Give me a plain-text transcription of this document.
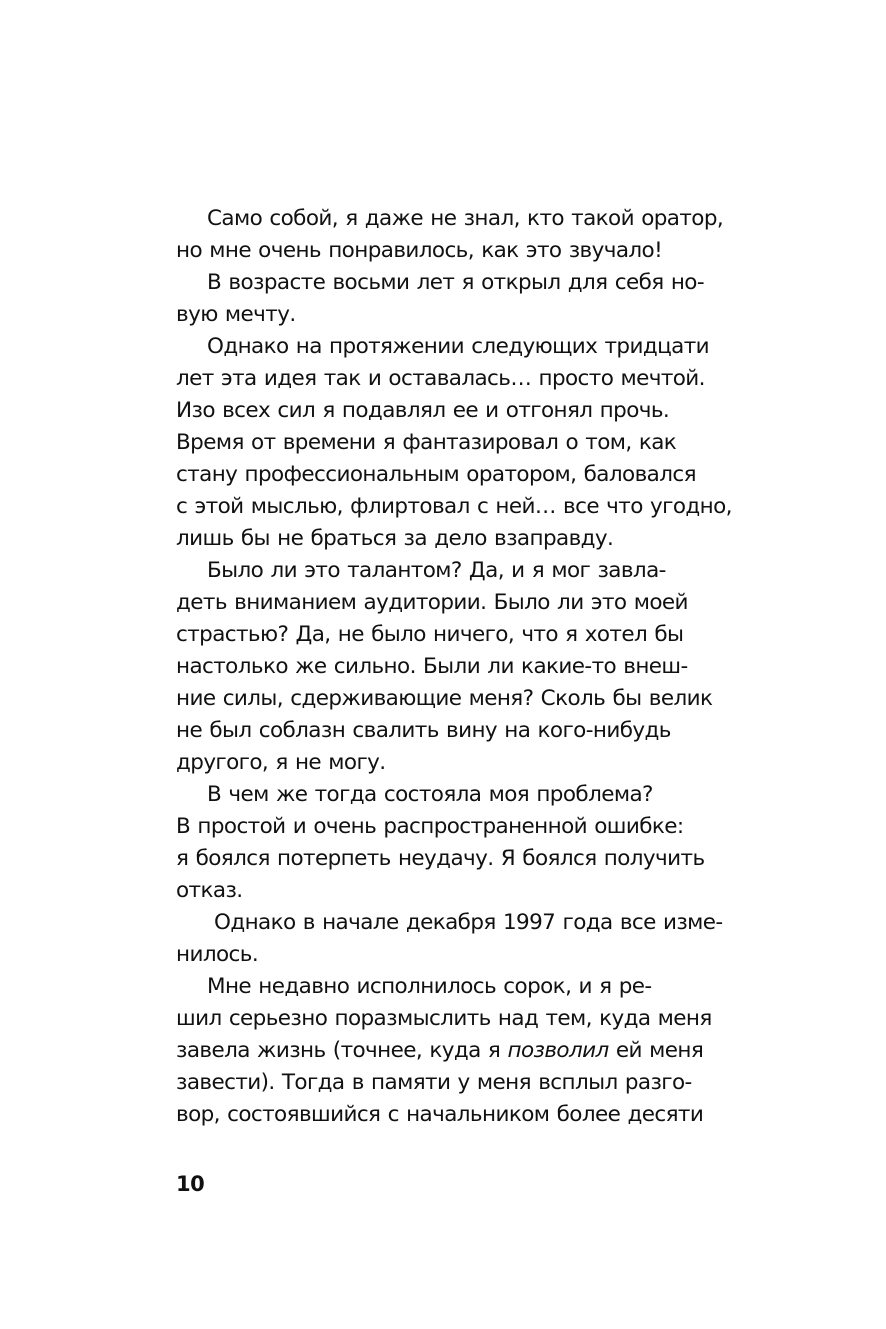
Само собой, я даже не знал, кто такой оратор,
но мне очень понравилось, как это звучало!
В возрасте восьми лет я открыл для себя но-
вую мечту.
Однако на протяжении следующих тридцати
лет эта идея так и оставалась… просто мечтой.
Изо всех сил я подавлял ее и отгонял прочь.
Время от времени я фантазировал о том, как
стану профессиональным оратором, баловался
с этой мыслью, флиртовал с ней… все что угодно,
лишь бы не браться за дело взаправду.
Было ли это талантом? Да, и я мог завла-
деть вниманием аудитории. Было ли это моей
страстью? Да, не было ничего, что я хотел бы
настолько же сильно. Были ли какие-то внеш-
ние силы, сдерживающие меня? Сколь бы велик
не был соблазн свалить вину на кого-нибудь
другого, я не могу.
В чем же тогда состояла моя проблема?
В простой и очень распространенной ошибке:
я боялся потерпеть неудачу. Я боялся получить
отказ.
Однако в начале декабря 1997 года все изме-
нилось.
Мне недавно исполнилось сорок, и я ре-
шил серьезно поразмыслить над тем, куда меня
завела жизнь (точнее, куда я позволил ей меня
завести). Тогда в памяти у меня всплыл разго-
вор, состоявшийся с начальником более десяти
10
